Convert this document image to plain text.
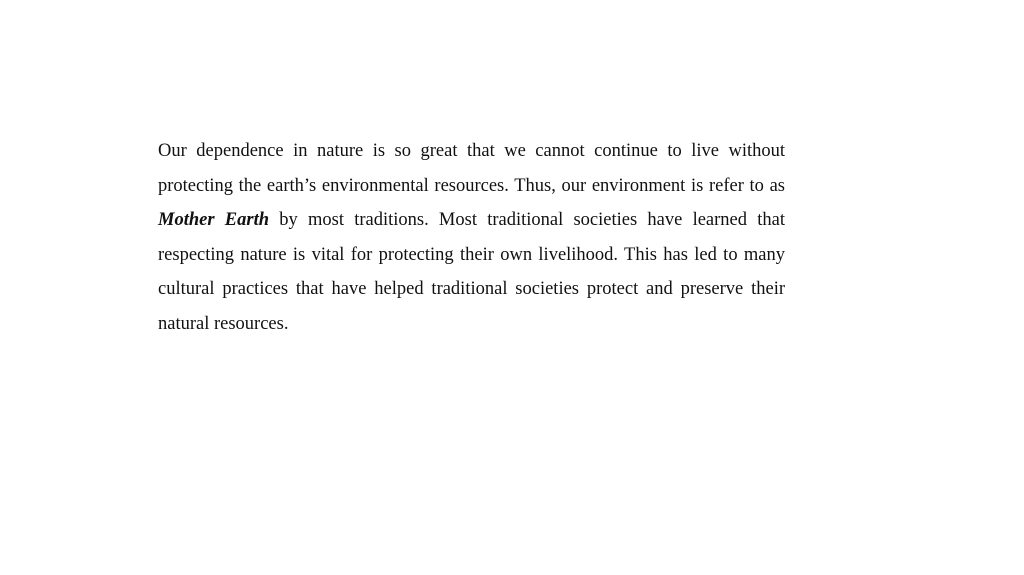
Our dependence in nature is so great that we cannot continue to live without protecting the earth’s environmental resources. Thus, our environment is refer to as Mother Earth by most traditions. Most traditional societies have learned that respecting nature is vital for protecting their own livelihood. This has led to many cultural practices that have helped traditional societies protect and preserve their natural resources.
